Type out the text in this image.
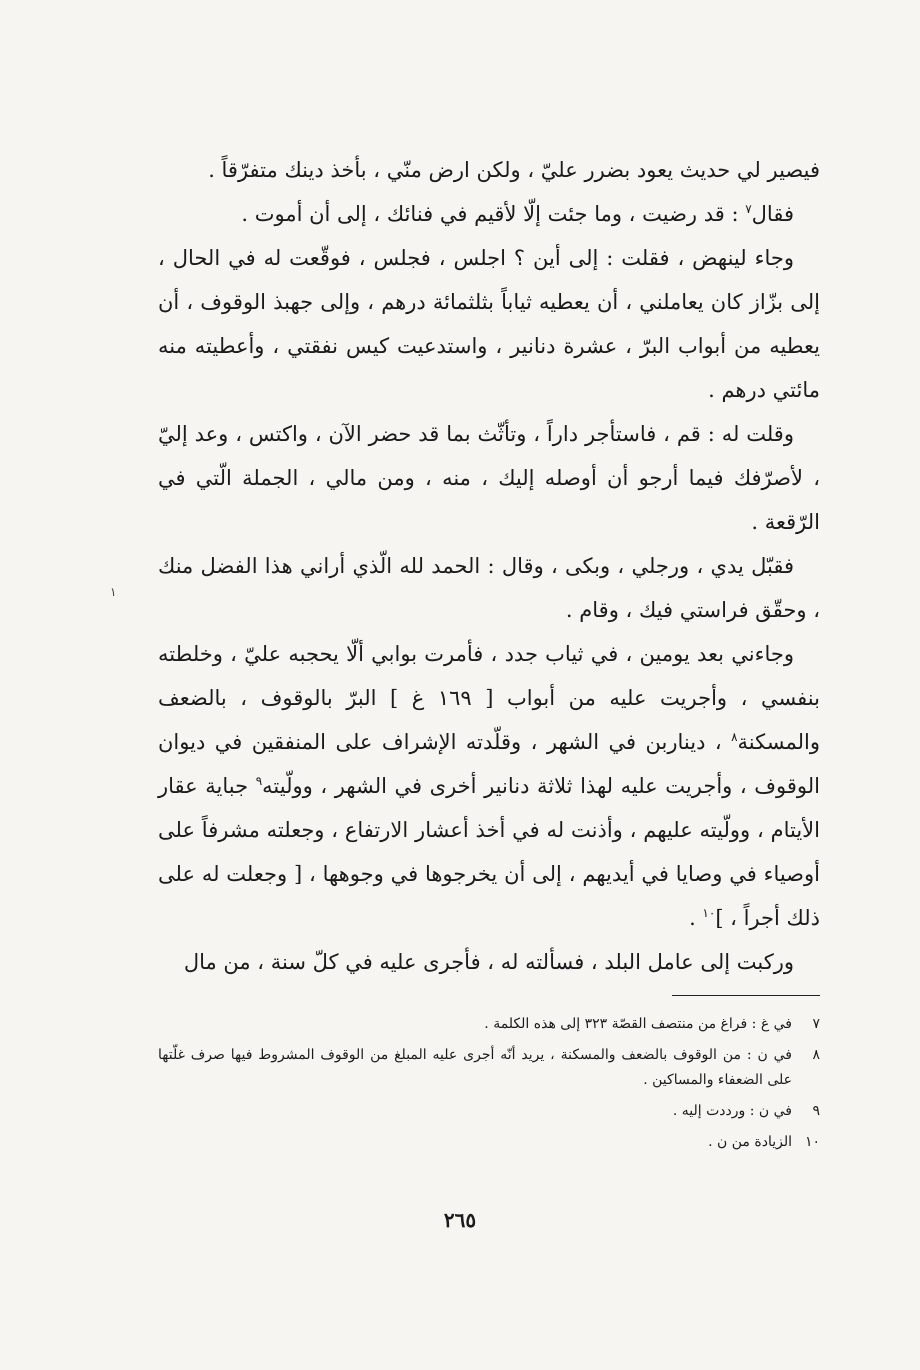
فيصير لي حديث يعود بضرر عليّ ، ولكن ارض منّي ، بأخذ دينك متفرّقاً .

فقال$^٧$ : قد رضيت ، وما جئت إلّا لأقيم في فنائك ، إلى أن أموت .

وجاء لينهض ، فقلت : إلى أين ؟ اجلس ، فجلس ، فوقّعت له في الحال ، إلى بزّاز كان يعاملني ، أن يعطيه ثياباً بثلثمائة درهم ، وإلى جهبذ الوقوف ، أن يعطيه من أبواب البرّ ، عشرة دنانير ، واستدعيت كيس نفقتي ، وأعطيته منه مائتي درهم .

وقلت له : قم ، فاستأجر داراً ، وتأثّث بما قد حضر الآن ، واكتس ، وعد إليّ ، لأصرّفك فيما أرجو أن أوصله إليك ، منه ، ومن مالي ، الجملة الّتي في الرّقعة .

فقبّل يدي ، ورجلي ، وبكى ، وقال : الحمد لله الّذي أراني هذا الفضل منك ، وحقّق فراستي فيك ، وقام .

وجاءني بعد يومين ، في ثياب جدد ، فأمرت بوابي ألّا يحجبه عليّ ، وخلطته بنفسي ، وأجريت عليه من أبواب [ ١٦٩ غ ] البرّ بالوقوف ، بالضعف والمسكنة$^٨$ ، ديناربن في الشهر ، وقلّدته الإشراف على المنفقين في ديوان الوقوف ، وأجريت عليه لهذا ثلاثة دنانير أخرى في الشهر ، وولّيته$^٩$ جباية عقار الأيتام ، وولّيته عليهم ، وأذنت له في أخذ أعشار الارتفاع ، وجعلته مشرفاً على أوصياء في وصايا في أيديهم ، إلى أن يخرجوها في وجوهها ، [ وجعلت له على ذلك أجراً ، ]$^{١٠}$ .

وركبت إلى عامل البلد ، فسألته له ، فأجرى عليه في كلّ سنة ، من مال

٧
في غ : فراغ من منتصف القصّة ٣٢٣ إلى هذه الكلمة .
٨
في ن : من الوقوف بالضعف والمسكنة ، يريد أنّه أجرى عليه المبلغ من الوقوف المشروط فيها صرف غلّتها على الضعفاء والمساكين .
٩
في ن : ورددت إليه .
١٠
الزيادة من ن .
٢٦٥
١
